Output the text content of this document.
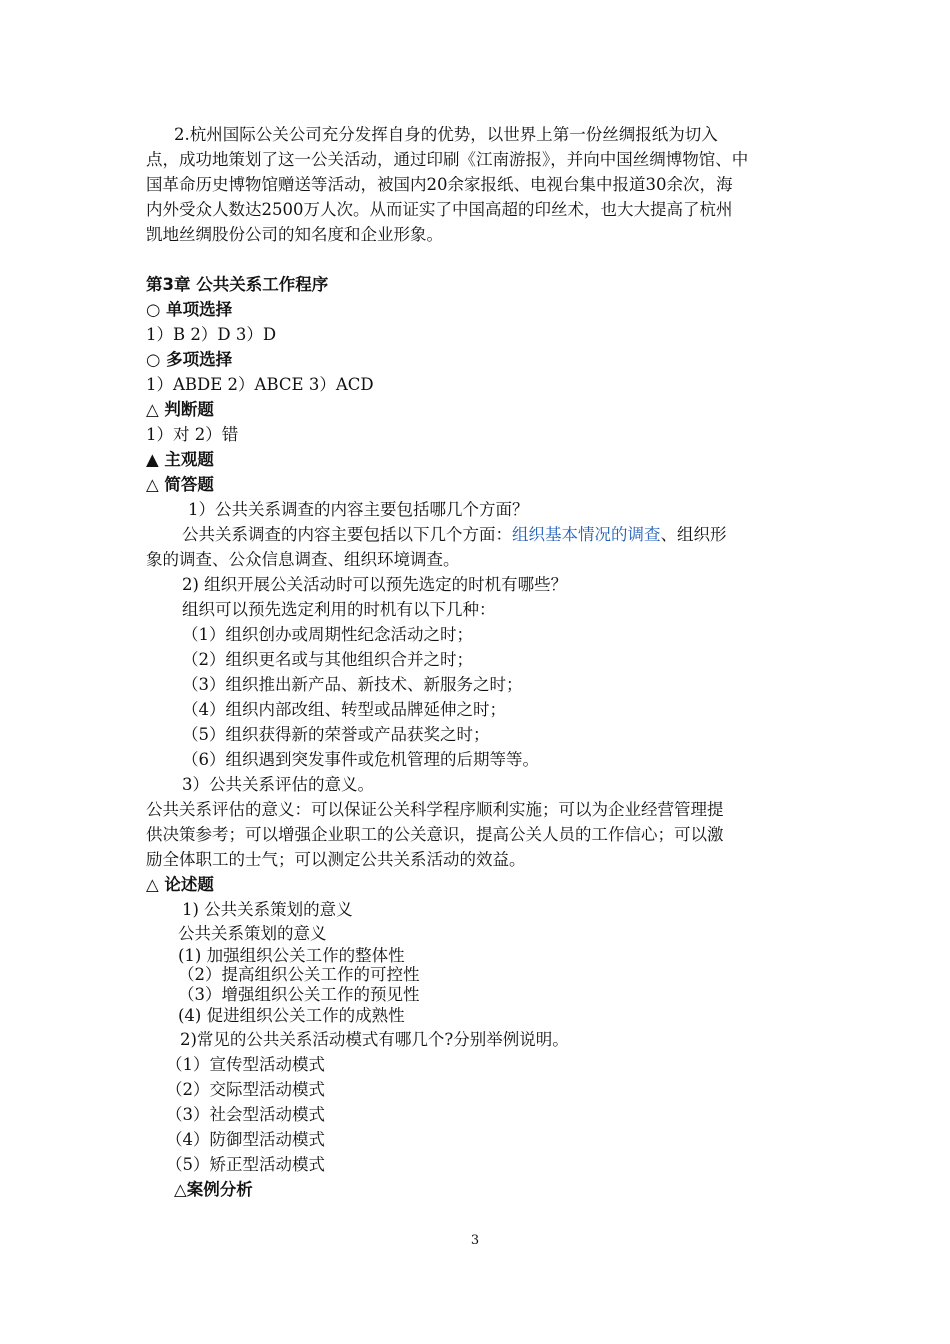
2.杭州国际公关公司充分发挥自身的优势，以世界上第一份丝绸报纸为切入
点，成功地策划了这一公关活动，通过印刷《江南游报》，并向中国丝绸博物馆、中
国革命历史博物馆赠送等活动，被国内20余家报纸、电视台集中报道30余次，海
内外受众人数达2500万人次。从而证实了中国高超的印丝术，也大大提高了杭州
凯地丝绸股份公司的知名度和企业形象。
第3章 公共关系工作程序
○ 单项选择
1）B 2）D 3）D
○ 多项选择
1）ABDE 2）ABCE 3）ACD
△ 判断题
1）对 2）错
▲ 主观题
△ 简答题
1）公共关系调查的内容主要包括哪几个方面？
公共关系调查的内容主要包括以下几个方面：组织基本情况的调查、组织形
象的调查、公众信息调查、组织环境调查。
2) 组织开展公关活动时可以预先选定的时机有哪些？
组织可以预先选定利用的时机有以下几种：
（1）组织创办或周期性纪念活动之时；
（2）组织更名或与其他组织合并之时；
（3）组织推出新产品、新技术、新服务之时；
（4）组织内部改组、转型或品牌延伸之时；
（5）组织获得新的荣誉或产品获奖之时；
（6）组织遇到突发事件或危机管理的后期等等。
3）公共关系评估的意义。
公共关系评估的意义：可以保证公关科学程序顺利实施；可以为企业经营管理提
供决策参考；可以增强企业职工的公关意识，提高公关人员的工作信心；可以激
励全体职工的士气；可以测定公共关系活动的效益。
△ 论述题
1) 公共关系策划的意义
公共关系策划的意义
(1) 加强组织公关工作的整体性
（2）提高组织公关工作的可控性
（3）增强组织公关工作的预见性
(4) 促进组织公关工作的成熟性
2)常见的公共关系活动模式有哪几个?分别举例说明。
（1）宣传型活动模式
（2）交际型活动模式
（3）社会型活动模式
（4）防御型活动模式
（5）矫正型活动模式
△案例分析
3
